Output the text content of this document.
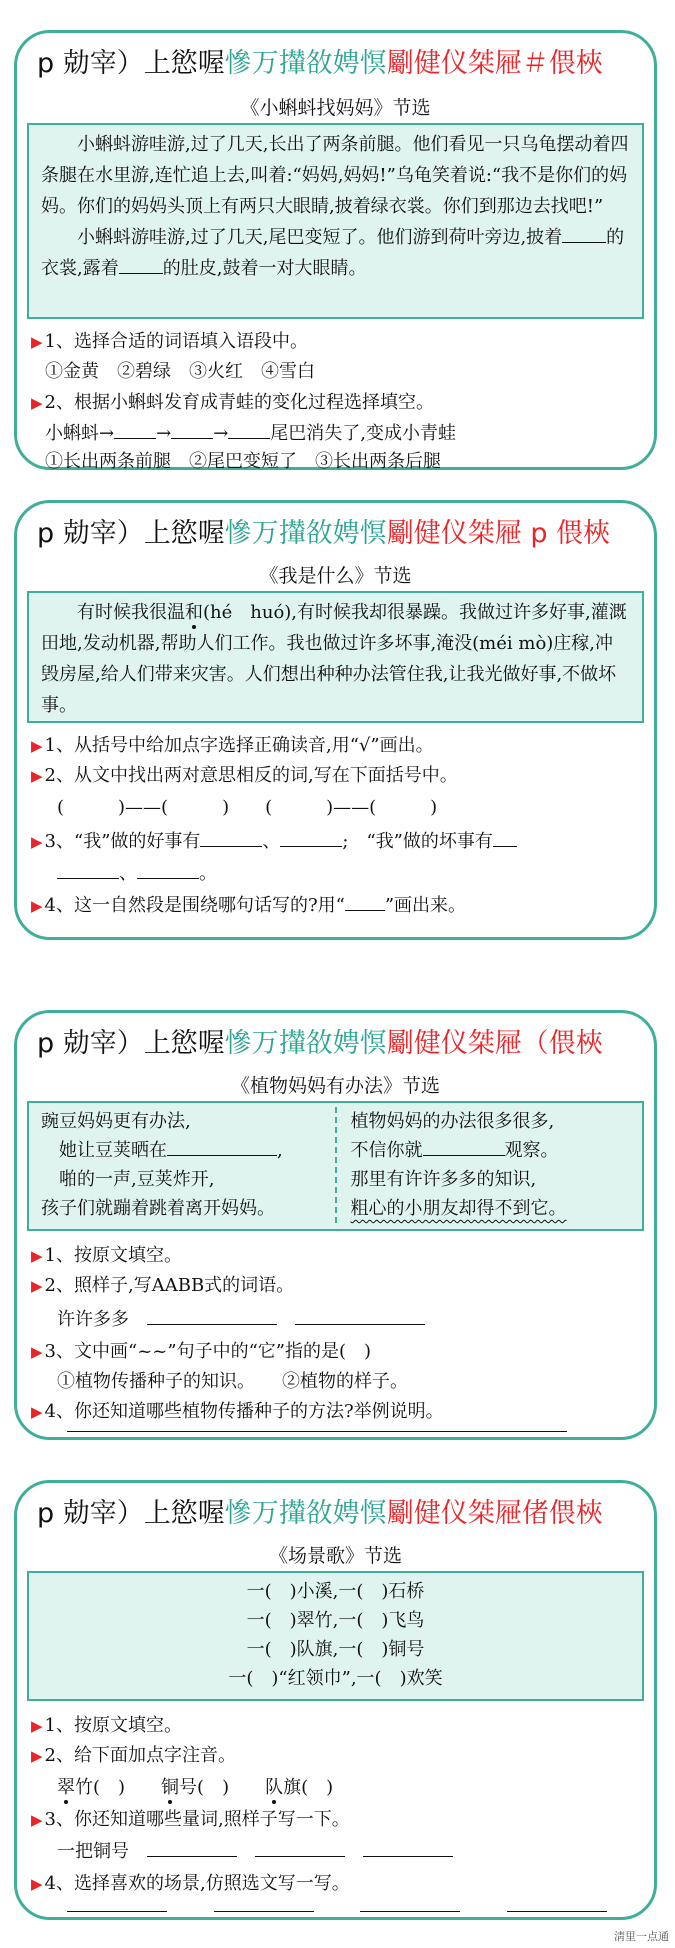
p 勀宰）上慾喔慘万攆敋娉慏劚健仪桀屜＃偎梜
《小蝌蚪找妈妈》节选

小蝌蚪游哇游,过了几天,长出了两条前腿。他们看见一只乌龟摆动着四条腿在水里游,连忙追上去,叫着:“妈妈,妈妈!”乌龟笑着说:“我不是你们的妈妈。你们的妈妈头顶上有两只大眼睛,披着绿衣裳。你们到那边去找吧!”

小蝌蚪游哇游,过了几天,尾巴变短了。他们游到荷叶旁边,披着 的衣裳,露着 的肚皮,鼓着一对大眼睛。

▶ 1、选择合适的词语填入语段中。
①金黄　②碧绿　③火红　④雪白
▶ 2、根据小蝌蚪发育成青蛙的变化过程选择填空。
小蝌蚪→ → → 尾巴消失了,变成小青蛙
①长出两条前腿　②尾巴变短了　③长出两条后腿
p 勀宰）上慾喔慘万攆敋娉慏劚健仪桀屜 p 偎梜
《我是什么》节选

有时候我很温和(hé　huó),有时候我却很暴躁。我做过许多好事,灌溉田地,发动机器,帮助人们工作。我也做过许多坏事,淹没(méi mò)庄稼,冲毁房屋,给人们带来灾害。人们想出种种办法管住我,让我光做好事,不做坏事。

▶ 1、从括号中给加点字选择正确读音,用“√”画出。
▶ 2、从文中找出两对意思相反的词,写在下面括号中。
(　　　)——(　　　)　　(　　　)——(　　　)
▶ 3、“我”做的好事有	、	;　“我”做的坏事有
、	。
▶ 4、这一自然段是围绕哪句话写的?用“ ”画出来。
p 勀宰）上慾喔慘万攆敋娉慏劚健仪桀屜（偎梜
《植物妈妈有办法》节选
豌豆妈妈更有办法,
　她让豆荚晒在	,
　啪的一声,豆荚炸开,
孩子们就蹦着跳着离开妈妈。
植物妈妈的办法很多很多,
不信你就	观察。
那里有许许多多的知识,
粗心的小朋友却得不到它。
▶ 1、按原文填空。
▶ 2、照样子,写AABB式的词语。
许许多多　　
▶ 3、文中画“~~”句子中的“它”指的是(　)
①植物传播种子的知识。　　②植物的样子。
▶ 4、你还知道哪些植物传播种子的方法?举例说明。
p 勀宰）上慾喔慘万攆敋娉慏劚健仪桀屜偖偎梜
《场景歌》节选
一(　)小溪,一(　)石桥
一(　)翠竹,一(　)飞鸟
一(　)队旗,一(　)铜号
一(　)“红领巾”,一(　)欢笑
▶ 1、按原文填空。
▶ 2、给下面加点字注音。
翠竹(　)　　 铜号(　)　　 队旗(　)
▶ 3、你还知道哪些量词,照样子写一下。
一把铜号　　　
▶ 4、选择喜欢的场景,仿照选文写一写。
淸里一点通
